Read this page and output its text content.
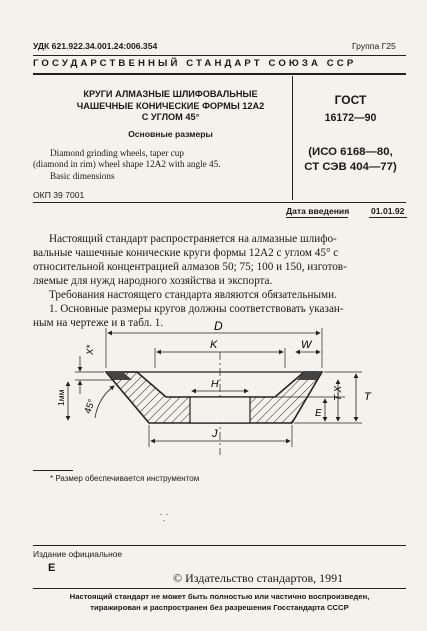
УДК 621.922.34.001.24:006.354	Группа Г25
ГОСУДАРСТВЕННЫЙ СТАНДАРТ СОЮЗА ССР
КРУГИ АЛМАЗНЫЕ ШЛИФОВАЛЬНЫЕ
ЧАШЕЧНЫЕ КОНИЧЕСКИЕ ФОРМЫ 12А2
С УГЛОМ 45°
Основные размеры
Diamond grinding wheels, taper cup
(diamond in rim) wheel shape 12A2 with angle 45.
Basic dimensions
ОКП 39 7001
ГОСТ
16172—90
(ИСО 6168—80,
СТ СЭВ 404—77)
Дата введения	01.01.92
Настоящий стандарт распространяется на алмазные шлифо-
вальные чашечные конические круги формы 12А2 с углом 45° с
относительной концентрацией алмазов 50; 75; 100 и 150, изготов-
ляемые для нужд народного хозяйства и экспорта.
Требования настоящего стандарта являются обязательными.
1. Основные размеры кругов должны соответствовать указан-
ным на чертеже и в табл. 1.	D
K	W
H
J
T
T-X
E
X*
1мм
45°
* Размер обеспечивается инструментом
⸪
Издание официальное
E
© Издательство стандартов, 1991
Настоящий стандарт не может быть полностью или частично воспроизведен,
тиражирован и распространен без разрешения Госстандарта СССР
